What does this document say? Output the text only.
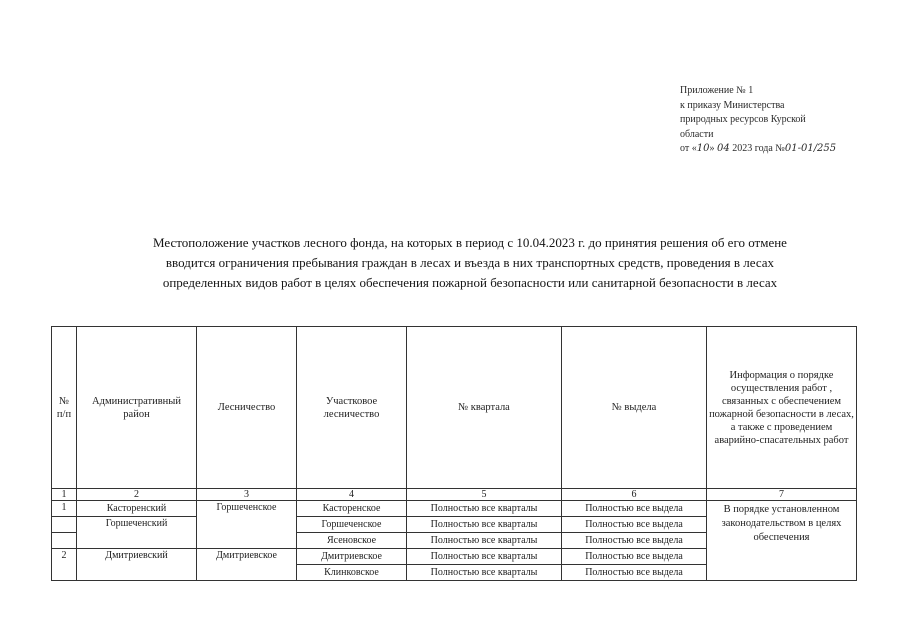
Приложение № 1
к приказу Министерства
природных ресурсов Курской
области
от «10» 04 2023 года №01-01/255
Местоположение участков лесного фонда, на которых в период с 10.04.2023 г. до принятия решения об его отмене
вводится ограничения пребывания граждан в лесах и въезда в них транспортных средств, проведения в лесах
определенных видов работ в целях обеспечения пожарной безопасности или санитарной безопасности в лесах
№ п/п	Административный район	Лесничество	Участковое лесничество	№ квартала	№ выдела	Информация о порядке осуществления работ , связанных с обеспечением пожарной безопасности в лесах, а также с проведением аварийно-спасательных работ
1	2	3	4	5	6	7
1	Касторенский	Горшеченское	Касторенское	Полностью все кварталы	Полностью все выдела	В порядке установленном законодательством в целях обеспечения
	Горшеченский		Горшеченское	Полностью все кварталы	Полностью все выдела	
			Ясеновское	Полностью все кварталы	Полностью все выдела	
2	Дмитриевский	Дмитриевское	Дмитриевское	Полностью все кварталы	Полностью все выдела	
			Клинковское	Полностью все кварталы	Полностью все выдела	
